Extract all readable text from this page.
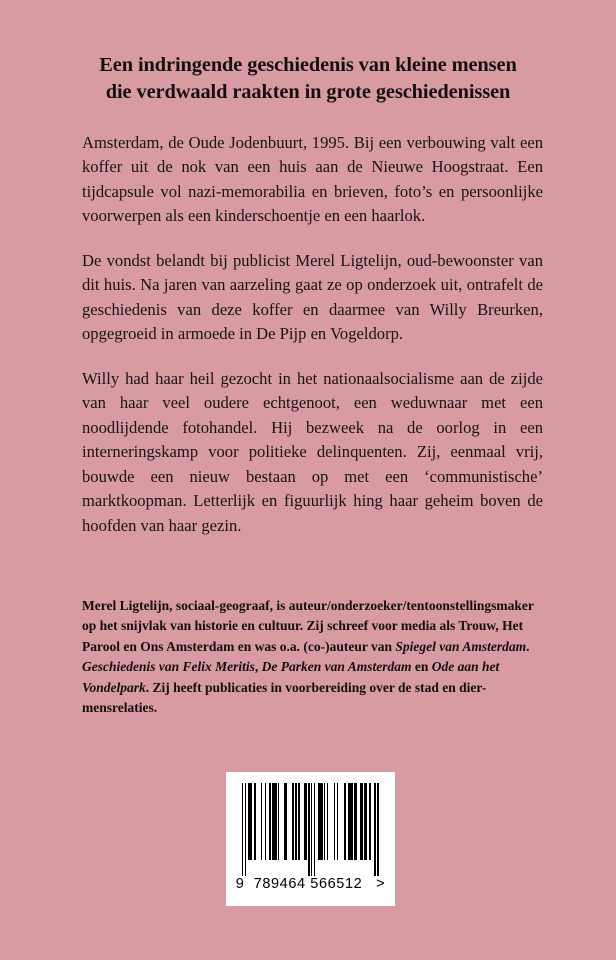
Een indringende geschiedenis van kleine mensen
die verdwaald raakten in grote geschiedenissen

Amsterdam, de Oude Jodenbuurt, 1995. Bij een verbouwing valt een koffer uit de nok van een huis aan de Nieuwe Hoogstraat. Een tijdcapsule vol nazi-memorabilia en brieven, foto’s en persoonlijke voorwerpen als een kinderschoentje en een haarlok.

De vondst belandt bij publicist Merel Ligtelijn, oud-bewoonster van dit huis. Na jaren van aarzeling gaat ze op onderzoek uit, ontrafelt de geschiedenis van deze koffer en daarmee van Willy Breurken, opgegroeid in armoede in De Pijp en Vogeldorp.

Willy had haar heil gezocht in het nationaalsocialisme aan de zijde van haar veel oudere echtgenoot, een weduwnaar met een noodlijdende fotohandel. Hij bezweek na de oorlog in een interneringskamp voor politieke delinquenten. Zij, eenmaal vrij, bouwde een nieuw bestaan op met een ‘communistische’ marktkoopman. Letterlijk en figuurlijk hing haar geheim boven de hoofden van haar gezin.

Merel Ligtelijn, sociaal-geograaf, is auteur/onderzoeker/tentoonstellingsmaker op het snijvlak van historie en cultuur. Zij schreef voor media als Trouw, Het Parool en Ons Amsterdam en was o.a. (co-)auteur van Spiegel van Amsterdam. Geschiedenis van Felix Meritis, De Parken van Amsterdam en Ode aan het Vondelpark. Zij heeft publicaties in voorbereiding over de stad en dier-mensrelaties.
9  789464 566512   >
